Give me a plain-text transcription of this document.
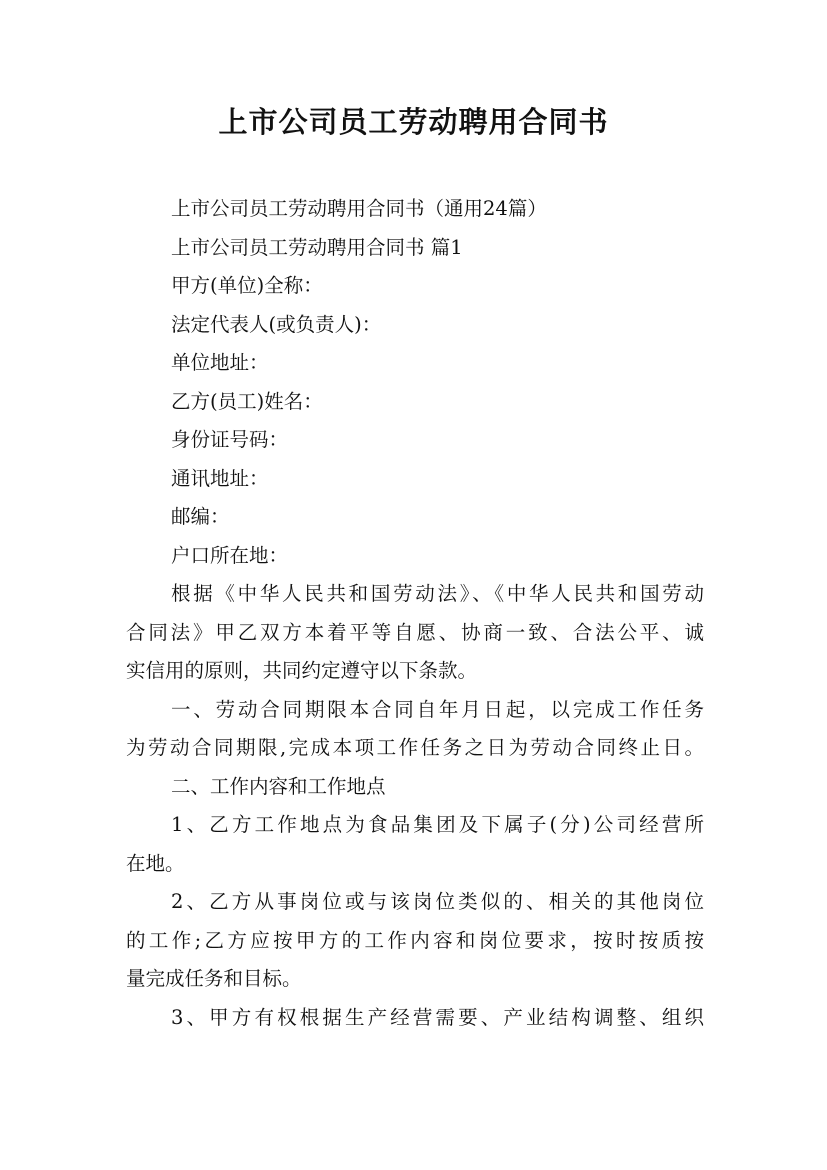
上市公司员工劳动聘用合同书
上市公司员工劳动聘用合同书（通用24篇）
上市公司员工劳动聘用合同书 篇1
甲方(单位)全称：
法定代表人(或负责人)：
单位地址：
乙方(员工)姓名：
身份证号码：
通讯地址：
邮编：
户口所在地：
根据《中华人民共和国劳动法》、《中华人民共和国劳动
合同法》甲乙双方本着平等自愿、协商一致、合法公平、诚
实信用的原则，共同约定遵守以下条款。
一、劳动合同期限本合同自年月日起，以完成工作任务
为劳动合同期限,完成本项工作任务之日为劳动合同终止日。
二、工作内容和工作地点
1、乙方工作地点为食品集团及下属子(分)公司经营所
在地。
2、乙方从事岗位或与该岗位类似的、相关的其他岗位
的工作;乙方应按甲方的工作内容和岗位要求，按时按质按
量完成任务和目标。
3、甲方有权根据生产经营需要、产业结构调整、组织
